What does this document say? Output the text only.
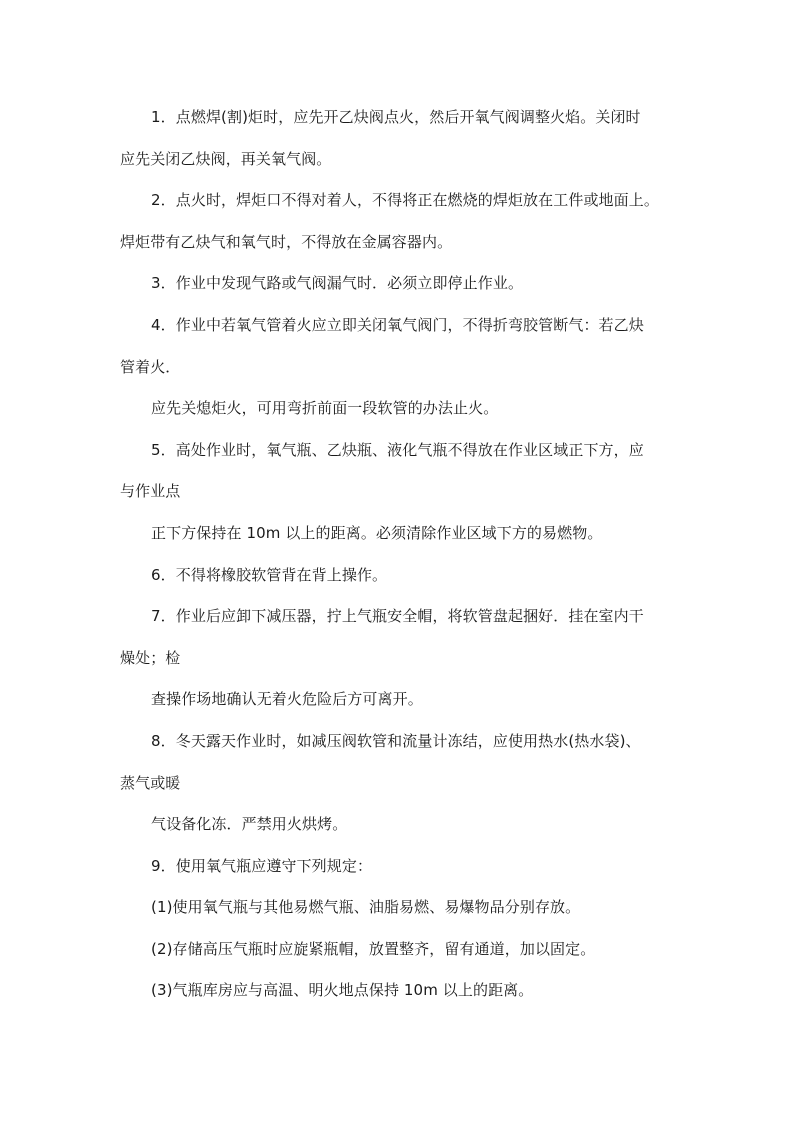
1．点燃焊(割)炬时，应先开乙炔阀点火，然后开氧气阀调整火焰。关闭时
应先关闭乙炔阀，再关氧气阀。
2．点火时，焊炬口不得对着人，不得将正在燃烧的焊炬放在工件或地面上。
焊炬带有乙炔气和氧气时，不得放在金属容器内。
3．作业中发现气路或气阀漏气时．必须立即停止作业。
4．作业中若氧气管着火应立即关闭氧气阀门，不得折弯胶管断气：若乙炔
管着火．
应先关熄炬火，可用弯折前面一段软管的办法止火。
5．高处作业时，氧气瓶、乙炔瓶、液化气瓶不得放在作业区域正下方，应
与作业点
正下方保持在 10m 以上的距离。必须清除作业区域下方的易燃物。
6．不得将橡胶软管背在背上操作。
7．作业后应卸下减压器，拧上气瓶安全帽，将软管盘起捆好．挂在室内干
燥处；检
查操作场地确认无着火危险后方可离开。
8．冬天露天作业时，如减压阀软管和流量计冻结，应使用热水(热水袋)、
蒸气或暖
气设备化冻．严禁用火烘烤。
9．使用氧气瓶应遵守下列规定：
(1)使用氧气瓶与其他易燃气瓶、油脂易燃、易爆物品分别存放。
(2)存储高压气瓶时应旋紧瓶帽，放置整齐，留有通道，加以固定。
(3)气瓶库房应与高温、明火地点保持 10m 以上的距离。
